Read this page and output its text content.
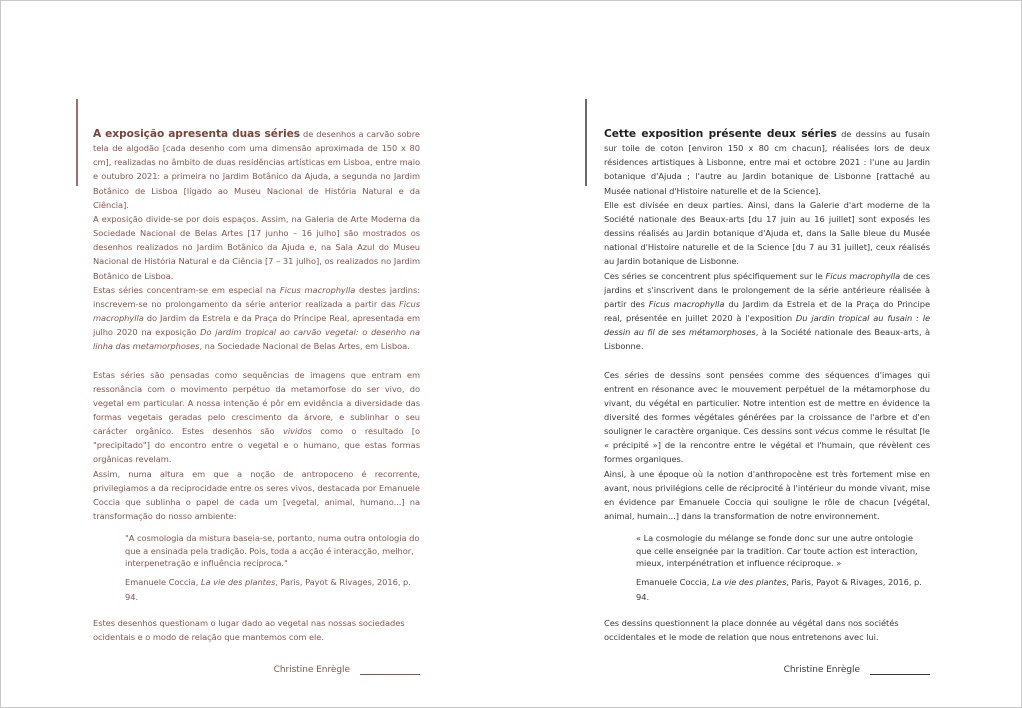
A exposição apresenta duas séries de desenhos a carvão sobre tela de algodão [cada desenho com uma dimensão aproximada de 150 x 80 cm], realizadas no âmbito de duas residências artísticas em Lisboa, entre maio e outubro 2021: a primeira no Jardim Botânico da Ajuda, a segunda no Jardim Botânico de Lisboa [ligado ao Museu Nacional de História Natural e da Ciência].

A exposição divide-se por dois espaços. Assim, na Galeria de Arte Moderna da Sociedade Nacional de Belas Artes [17 junho – 16 julho] são mostrados os desenhos realizados no Jardim Botânico da Ajuda e, na Sala Azul do Museu Nacional de História Natural e da Ciência [7 – 31 julho], os realizados no Jardim Botânico de Lisboa.

Estas séries concentram-se em especial na Ficus macrophylla destes jardins: inscrevem-se no prolongamento da série anterior realizada a partir das Ficus macrophylla do Jardim da Estrela e da Praça do Príncipe Real, apresentada em julho 2020 na exposição Do jardim tropical ao carvão vegetal: o desenho na linha das metamorphoses, na Sociedade Nacional de Belas Artes, em Lisboa.

Estas séries são pensadas como sequências de imagens que entram em ressonância com o movimento perpétuo da metamorfose do ser vivo, do vegetal em particular. A nossa intenção é pôr em evidência a diversidade das formas vegetais geradas pelo crescimento da árvore, e sublinhar o seu carácter orgânico. Estes desenhos são vividos como o resultado [o "precipitado"] do encontro entre o vegetal e o humano, que estas formas orgânicas revelam.

Assim, numa altura em que a noção de antropoceno é recorrente, privilegiamos a da reciprocidade entre os seres vivos, destacada por Emanuele Coccia que sublinha o papel de cada um [vegetal, animal, humano...] na transformação do nosso ambiente:

"A cosmologia da mistura baseia-se, portanto, numa outra ontologia do que a ensinada pela tradição. Pois, toda a acção é interacção, melhor, interpenetração e influência recíproca."

Emanuele Coccia, La vie des plantes, Paris, Payot & Rivages, 2016, p. 94.

Estes desenhos questionam o lugar dado ao vegetal nas nossas sociedades ocidentais e o modo de relação que mantemos com ele.

Christine Enrègle

Cette exposition présente deux séries de dessins au fusain sur toile de coton [environ 150 x 80 cm chacun], réalisées lors de deux résidences artistiques à Lisbonne, entre mai et octobre 2021 : l'une au Jardin botanique d'Ajuda ; l'autre au Jardin botanique de Lisbonne [rattaché au Musée national d'Histoire naturelle et de la Science].

Elle est divisée en deux parties. Ainsi, dans la Galerie d'art moderne de la Société nationale des Beaux-arts [du 17 juin au 16 juillet] sont exposés les dessins réalisés au Jardin botanique d'Ajuda et, dans la Salle bleue du Musée national d'Histoire naturelle et de la Science [du 7 au 31 juillet], ceux réalisés au Jardin botanique de Lisbonne.

Ces séries se concentrent plus spécifiquement sur le Ficus macrophylla de ces jardins et s'inscrivent dans le prolongement de la série antérieure réalisée à partir des Ficus macrophylla du Jardim da Estrela et de la Praça do Principe real, présentée en juillet 2020 à l'exposition Du jardin tropical au fusain : le dessin au fil de ses métamorphoses, à la Société nationale des Beaux-arts, à Lisbonne.

Ces séries de dessins sont pensées comme des séquences d'images qui entrent en résonance avec le mouvement perpétuel de la métamorphose du vivant, du végétal en particulier. Notre intention est de mettre en évidence la diversité des formes végétales générées par la croissance de l'arbre et d'en souligner le caractère organique. Ces dessins sont vécus comme le résultat [le « précipité »] de la rencontre entre le végétal et l'humain, que révèlent ces formes organiques.

Ainsi, à une époque où la notion d'anthropocène est très fortement mise en avant, nous privilégions celle de réciprocité à l'intérieur du monde vivant, mise en évidence par Emanuele Coccia qui souligne le rôle de chacun [végétal, animal, humain...] dans la transformation de notre environnement.

« La cosmologie du mélange se fonde donc sur une autre ontologie que celle enseignée par la tradition. Car toute action est interaction, mieux, interpénétration et influence réciproque. »

Emanuele Coccia, La vie des plantes, Paris, Payot & Rivages, 2016, p. 94.

Ces dessins questionnent la place donnée au végétal dans nos sociétés occidentales et le mode de relation que nous entretenons avec lui.

Christine Enrègle
